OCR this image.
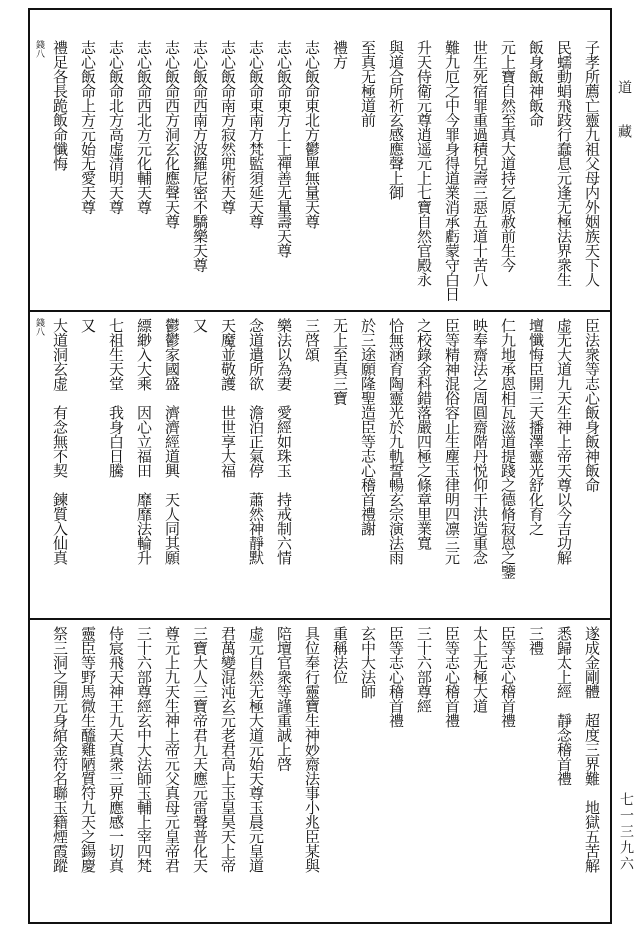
道　藏
七一三九六
子孝所薦亡靈九祖父母内外姻族天下人
民蠕動蜎飛跂行蠢息元逢无極法界衆生
飯身飯神飯命
元上寶自然至真大道持乞原赦前生今
世生死宿罪重過積兒壽三惡五道十苦八
難九厄之中今罪身得道業消承虧蒙守白日
升天侍衛元尊逍遥元上七寶自然官殿永
與道合所祈玄感應聲上御
至真无極道前
禮方
志心飯命東北方鬱單無量天尊
志心飯命東方上上禪善无量壽天尊
志心飯命東南方梵監須延天尊
志心飯命南方寂然兜術天尊
志心飯命西南方波羅尼密不驕樂天尊
志心飯命西方洞玄化應聲天尊
志心飯命西北方元化輔天尊
志心飯命北方高虚清明天尊
志心飯命上方元始无愛天尊
禮足各長跪飯命懺悔
錢八
臣法衆等志心飯身飯神飯命
虚无大道九天生神上帝天尊以今吉功解
壇懺悔臣開三天播澤靈光舒化育之
仁九地承恩相瓦滋道提踐之德脩寂恩之鑒
映奉齋法之周圓齋階丹悦仰干洪造重念
臣等精神混俗容止生塵玉律明四凛三元
之校錄金科錯落嚴四極之條章里業寬
恰無涵育陶靈光於九軌誓暢玄宗演法雨
於三途願隆聖造臣等志心稽首禮謝
无上至真三寶
三啓頌
樂法以為妻　愛經如珠玉　持戒制六情
念道遣所欲　澹泊正氣停　蕭然神靜默
天魔並敬護　世世享大福
又
鬱鬱家國盛　濟濟經道興　天人同其願
縹緲入大乘　因心立福田　靡靡法輪升
七祖生天堂　我身白日騰
又
大道洞玄虚　有念無不契　鍊質入仙真
錢八
遂成金剛體　超度三界難　地獄五苦解
悉歸太上經　靜念稽首禮
三禮
臣等志心稽首禮
太上无極大道
臣等志心稽首禮
三十六部尊經
臣等志心稽首禮
玄中大法師
重稱法位
具位奉行靈寶生神妙齋法事小兆臣某與
陪壇官衆等謹重誠上啓
虚元自然无極大道元始天尊玉晨元皇道
君萬變混沌玄元老君高上玉皇昊天上帝
三寶大人三寶帝君九天應元雷聲普化天
尊元上九天生神上帝元父真母元皇帝君
三十六部尊經玄中大法師玉輔上宰四梵
侍宸飛天神王九天真衆三界應感一切真
靈臣等野馬微生醯雞陋質符九天之鍚慶
祭三洞之開元身綰金符名聯玉籍煙霞蹤
